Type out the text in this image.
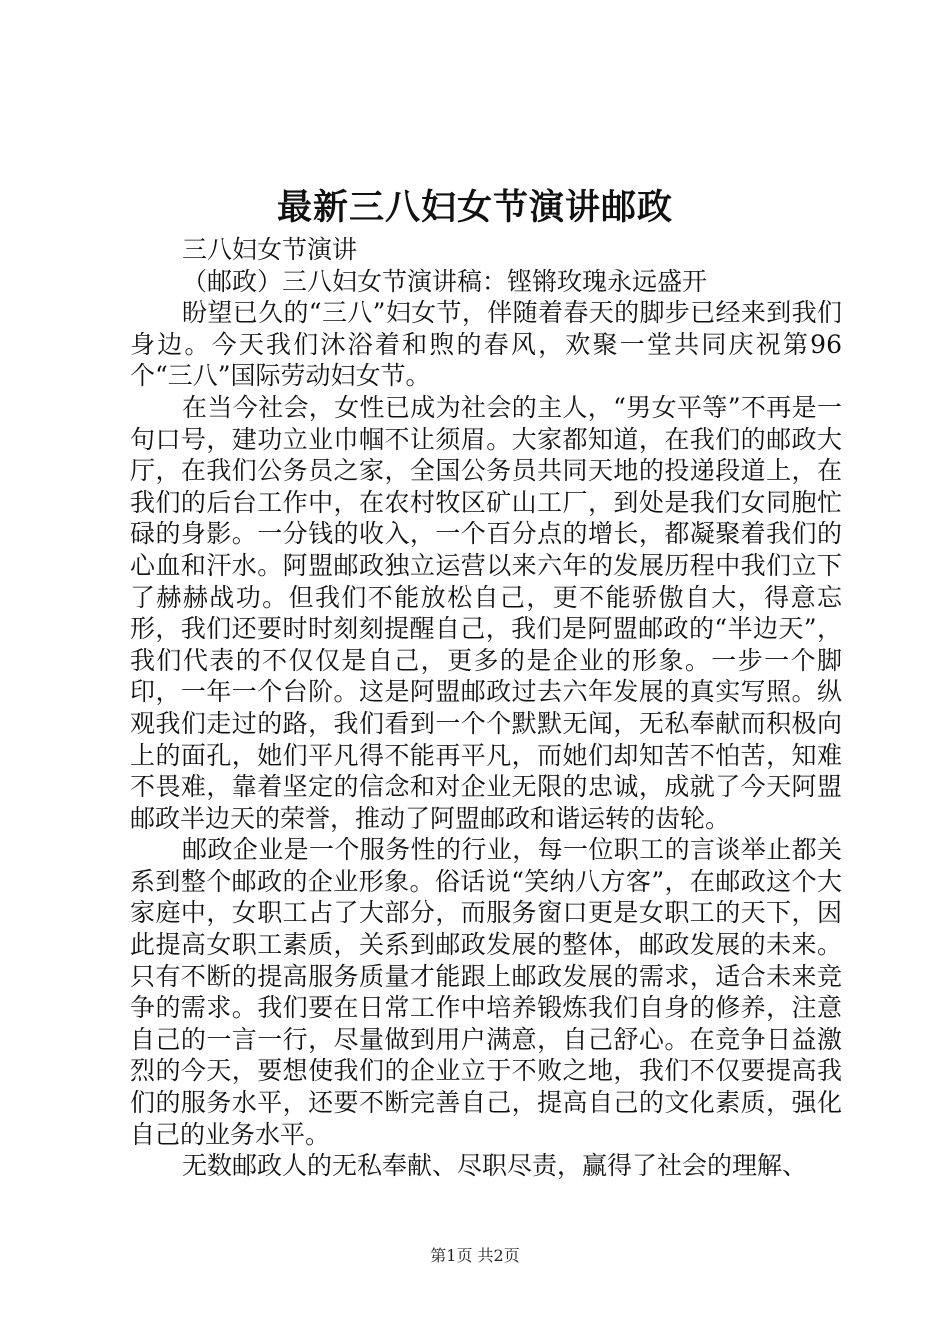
最新三八妇女节演讲邮政

三八妇女节演讲

（邮政）三八妇女节演讲稿：铿锵玫瑰永远盛开

盼望已久的“三八”妇女节，伴随着春天的脚步已经来到我们身边。今天我们沐浴着和煦的春风，欢聚一堂共同庆祝第96个“三八”国际劳动妇女节。

在当今社会，女性已成为社会的主人，“男女平等”不再是一句口号，建功立业巾帼不让须眉。大家都知道，在我们的邮政大厅，在我们公务员之家，全国公务员共同天地的投递段道上，在我们的后台工作中，在农村牧区矿山工厂，到处是我们女同胞忙碌的身影。一分钱的收入，一个百分点的增长，都凝聚着我们的心血和汗水。阿盟邮政独立运营以来六年的发展历程中我们立下了赫赫战功。但我们不能放松自己，更不能骄傲自大，得意忘形，我们还要时时刻刻提醒自己，我们是阿盟邮政的“半边天”，我们代表的不仅仅是自己，更多的是企业的形象。一步一个脚印，一年一个台阶。这是阿盟邮政过去六年发展的真实写照。纵观我们走过的路，我们看到一个个默默无闻，无私奉献而积极向上的面孔，她们平凡得不能再平凡，而她们却知苦不怕苦，知难不畏难，靠着坚定的信念和对企业无限的忠诚，成就了今天阿盟邮政半边天的荣誉，推动了阿盟邮政和谐运转的齿轮。

邮政企业是一个服务性的行业，每一位职工的言谈举止都关系到整个邮政的企业形象。俗话说“笑纳八方客”，在邮政这个大家庭中，女职工占了大部分，而服务窗口更是女职工的天下，因此提高女职工素质，关系到邮政发展的整体，邮政发展的未来。只有不断的提高服务质量才能跟上邮政发展的需求，适合未来竞争的需求。我们要在日常工作中培养锻炼我们自身的修养，注意自己的一言一行，尽量做到用户满意，自己舒心。在竞争日益激烈的今天，要想使我们的企业立于不败之地，我们不仅要提高我们的服务水平，还要不断完善自己，提高自己的文化素质，强化自己的业务水平。

无数邮政人的无私奉献、尽职尽责，赢得了社会的理解、

第1页 共2页
